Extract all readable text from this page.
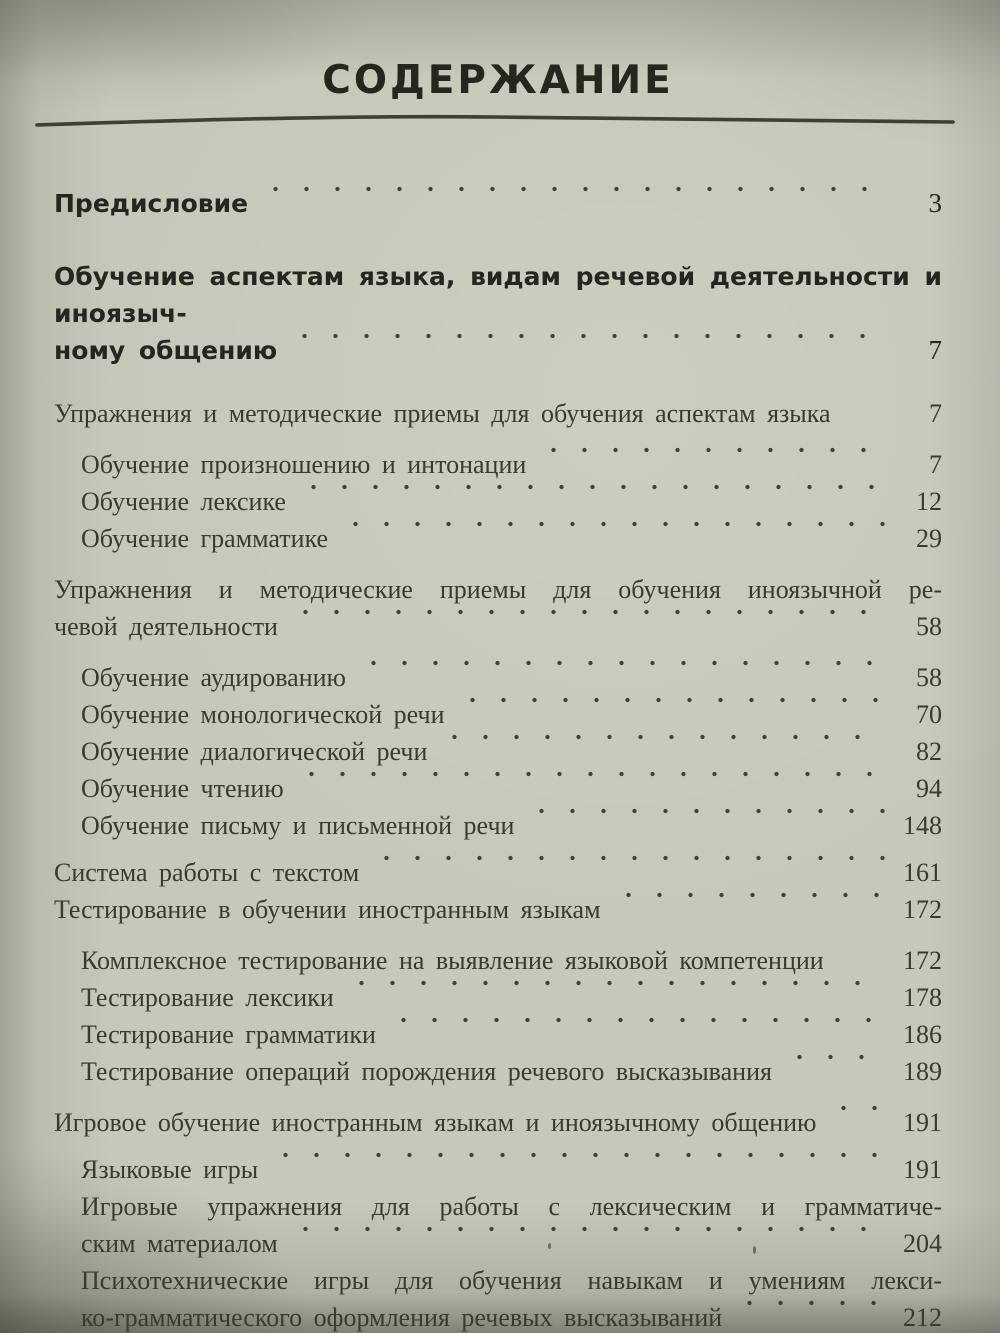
СОДЕРЖАНИЕ
Предисловие	3
Обучение аспектам языка, видам речевой деятельности и иноязыч-
ному общению	7
Упражнения и методические приемы для обучения аспектам языка	7
Обучение произношению и интонации	7
Обучение лексике	12
Обучение грамматике	29
Упражнения и методические приемы для обучения иноязычной ре-
чевой деятельности	58
Обучение аудированию	58
Обучение монологической речи	70
Обучение диалогической речи	82
Обучение чтению	94
Обучение письму и письменной речи	148
Система работы с текстом	161
Тестирование в обучении иностранным языкам	172
Комплексное тестирование на выявление языковой компетенции	172
Тестирование лексики	178
Тестирование грамматики	186
Тестирование операций порождения речевого высказывания	189
Игровое обучение иностранным языкам и иноязычному общению	191
Языковые игры	191
Игровые упражнения для работы с лексическим и грамматиче-
ским материалом	204
Психотехнические игры для обучения навыкам и умениям лекси-
ко-грамматического оформления речевых высказываний	212
